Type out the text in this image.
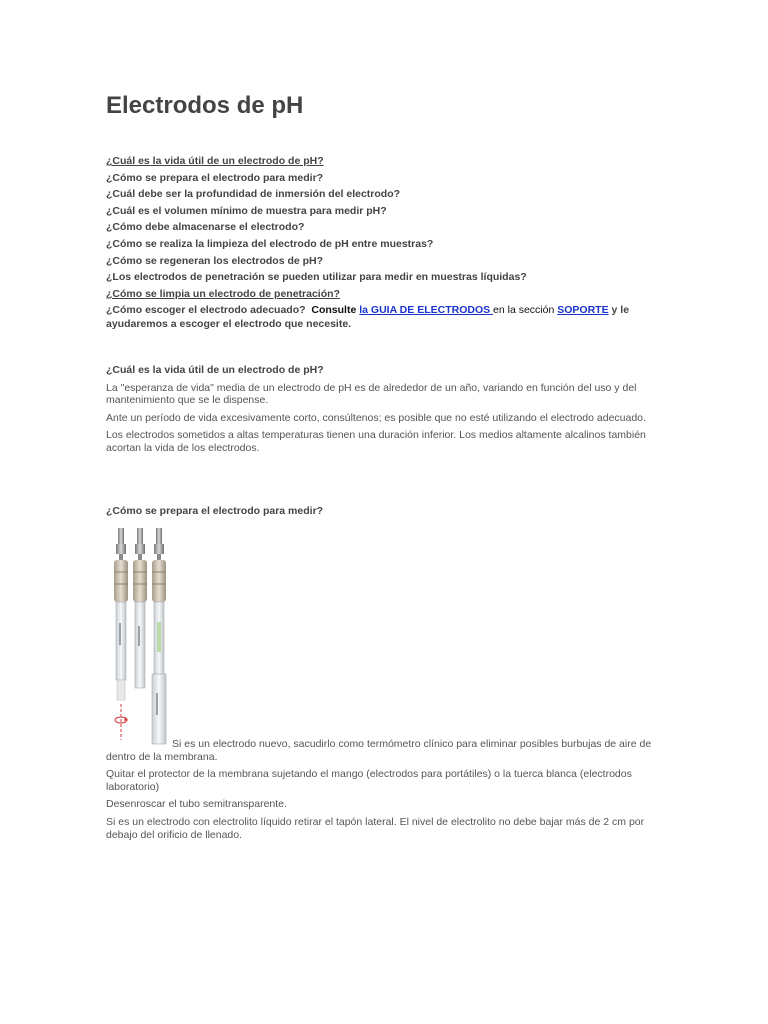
Electrodos de pH
¿Cuál es la vida útil de un electrodo de pH?
¿Cómo se prepara el electrodo para medir?
¿Cuál debe ser la profundidad de inmersión del electrodo?
¿Cuál es el volumen mínimo de muestra para medir pH?
¿Cómo debe almacenarse el electrodo?
¿Cómo se realiza la limpieza del electrodo de pH entre muestras?
¿Cómo se regeneran los electrodos de pH?
¿Los electrodos de penetración se pueden utilizar para medir en muestras líquidas?
¿Cómo se limpia un electrodo de penetración?
¿Cómo escoger el electrodo adecuado? Consulte la GUIA DE ELECTRODOS en la sección SOPORTE y le
ayudaremos a escoger el electrodo que necesite.
¿Cuál es la vida útil de un electrodo de pH?

La "esperanza de vida" media de un electrodo de pH es de alrededor de un año, variando en función del uso y del mantenimiento que se le dispense.

Ante un período de vida excesivamente corto, consúltenos; es posible que no esté utilizando el electrodo adecuado.

Los electrodos sometidos a altas temperaturas tienen una duración inferior. Los medios altamente alcalinos también acortan la vida de los electrodos.

¿Cómo se prepara el electrodo para medir?

Si es un electrodo nuevo, sacudirlo como termómetro clínico para eliminar posibles burbujas de aire de dentro de la membrana.

Quitar el protector de la membrana sujetando el mango (electrodos para portátiles) o la tuerca blanca (electrodos laboratorio)

Desenroscar el tubo semitransparente.

Si es un electrodo con electrolito líquido retirar el tapón lateral. El nivel de electrolito no debe bajar más de 2 cm por debajo del orificio de llenado.
